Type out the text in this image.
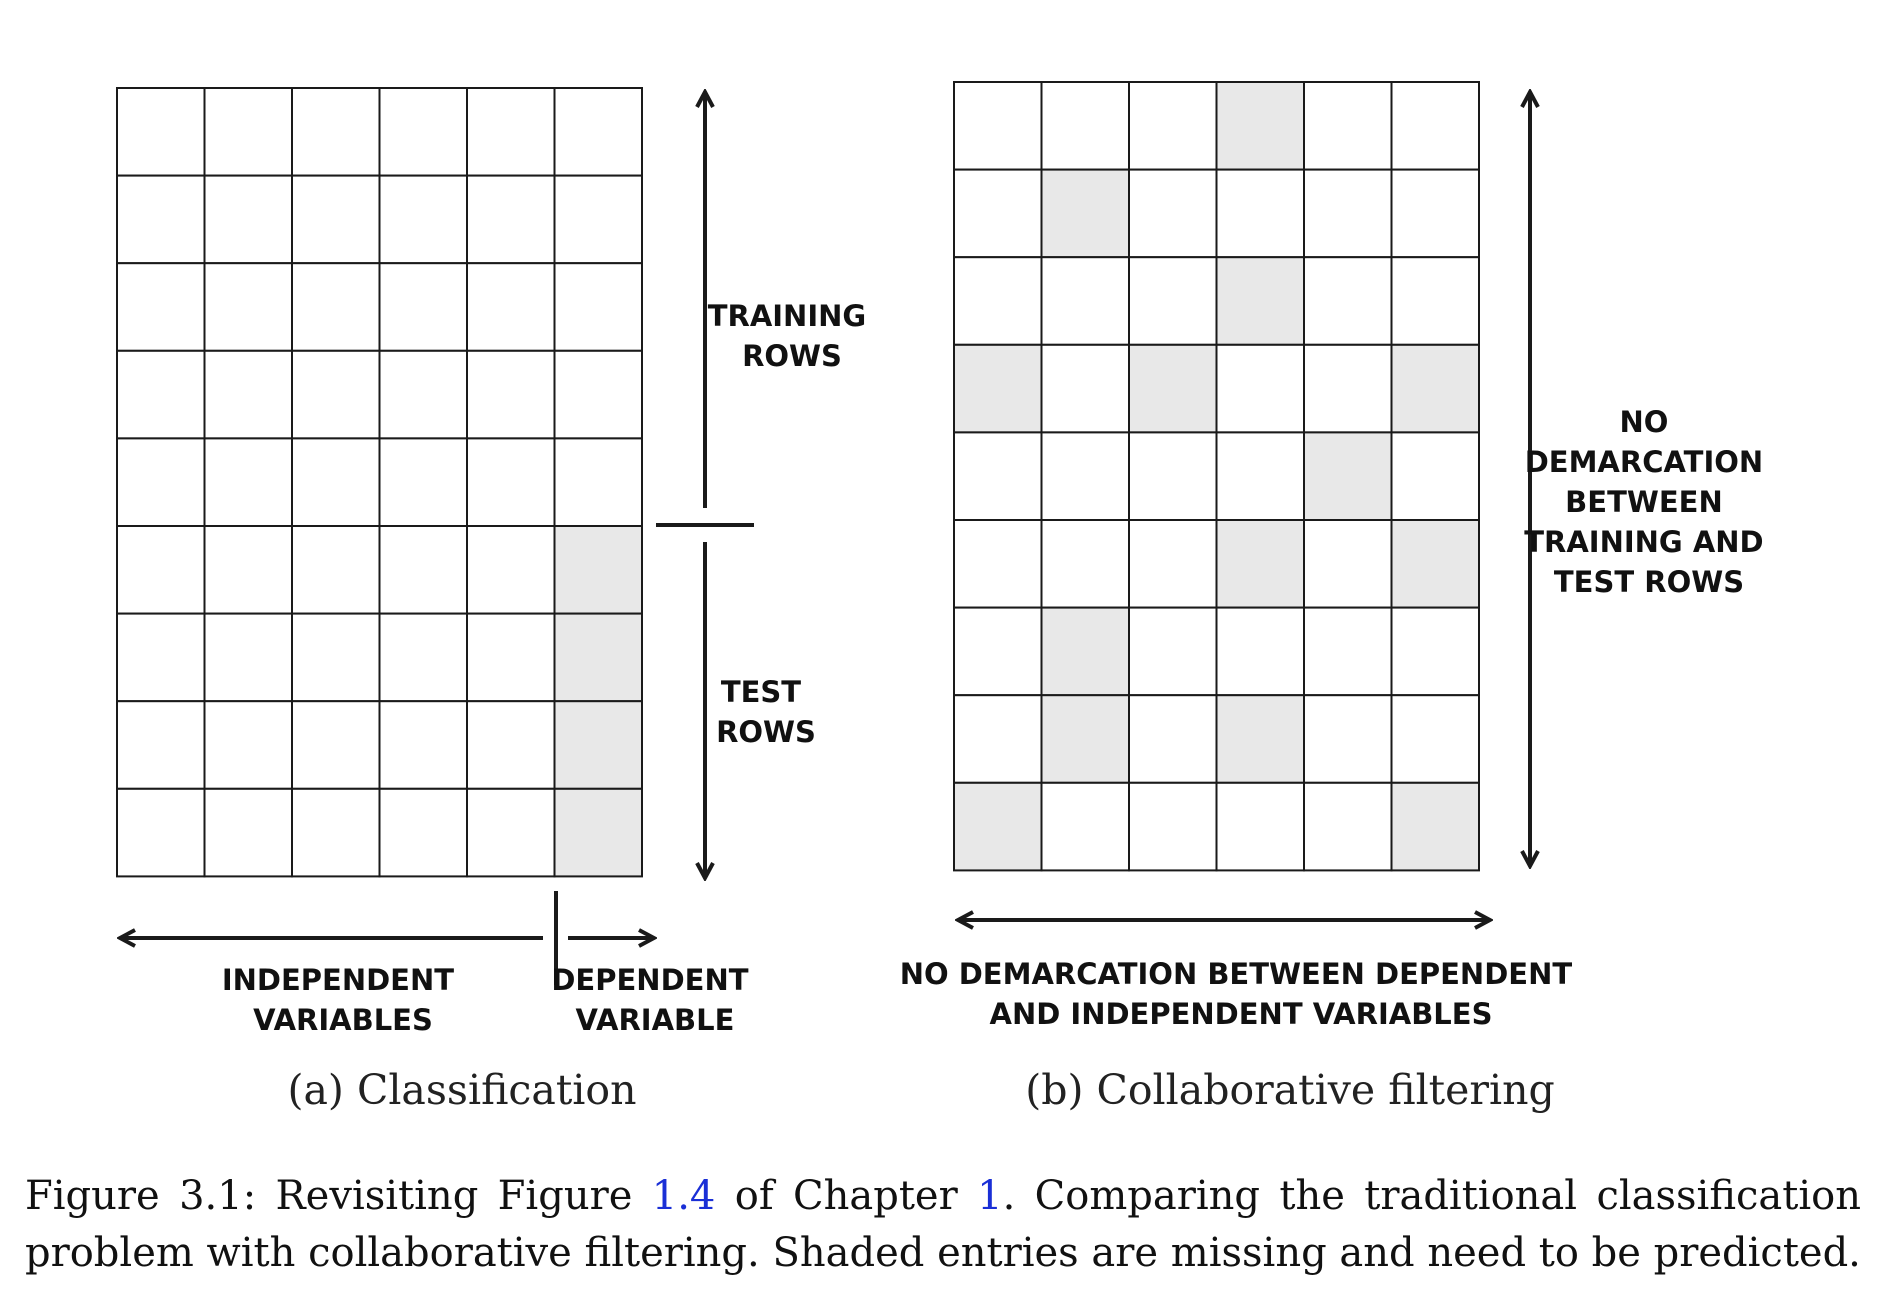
TRAINING ROWS
TEST ROWS
INDEPENDENT VARIABLES
DEPENDENT VARIABLE
(a) Classification
NO DEMARCATION BETWEEN TRAINING AND TEST ROWS
NO DEMARCATION BETWEEN DEPENDENT AND INDEPENDENT VARIABLES
(b) Collaborative filtering
Figure 3.1: Revisiting Figure 1.4 of Chapter 1. Comparing the traditional classification problem with collaborative filtering. Shaded entries are missing and need to be predicted.
